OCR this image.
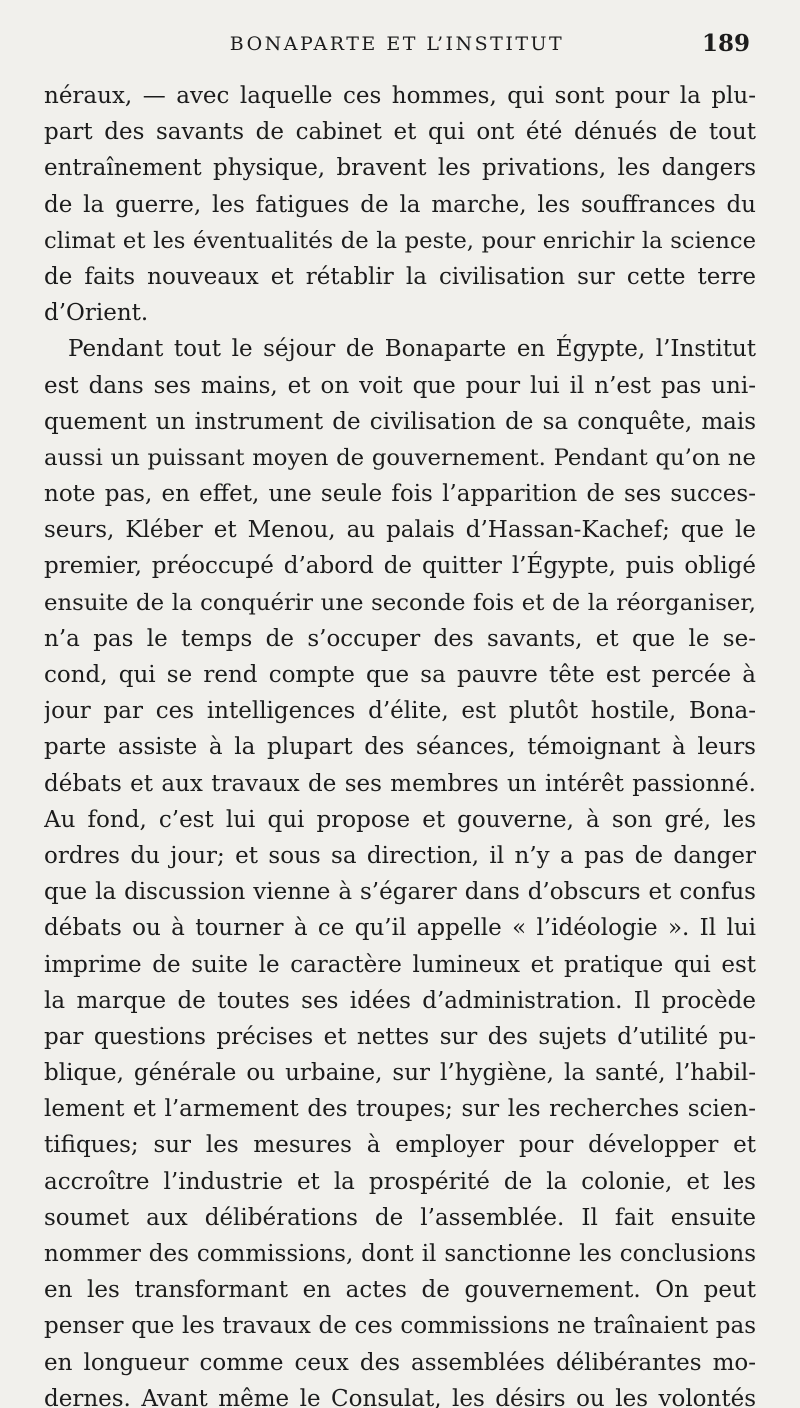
BONAPARTE ET L’INSTITUT	189
néraux, — avec laquelle ces hommes, qui sont pour la plu-
part des savants de cabinet et qui ont été dénués de tout
entraînement physique, bravent les privations, les dangers
de la guerre, les fatigues de la marche, les souffrances du
climat et les éventualités de la peste, pour enrichir la science
de faits nouveaux et rétablir la civilisation sur cette terre
d’Orient.
Pendant tout le séjour de Bonaparte en Égypte, l’Institut
est dans ses mains, et on voit que pour lui il n’est pas uni-
quement un instrument de civilisation de sa conquête, mais
aussi un puissant moyen de gouvernement. Pendant qu’on ne
note pas, en effet, une seule fois l’apparition de ses succes-
seurs, Kléber et Menou, au palais d’Hassan-Kachef; que le
premier, préoccupé d’abord de quitter l’Égypte, puis obligé
ensuite de la conquérir une seconde fois et de la réorganiser,
n’a pas le temps de s’occuper des savants, et que le se-
cond, qui se rend compte que sa pauvre tête est percée à
jour par ces intelligences d’élite, est plutôt hostile, Bona-
parte assiste à la plupart des séances, témoignant à leurs
débats et aux travaux de ses membres un intérêt passionné.
Au fond, c’est lui qui propose et gouverne, à son gré, les
ordres du jour; et sous sa direction, il n’y a pas de danger
que la discussion vienne à s’égarer dans d’obscurs et confus
débats ou à tourner à ce qu’il appelle « l’idéologie ». Il lui
imprime de suite le caractère lumineux et pratique qui est
la marque de toutes ses idées d’administration. Il procède
par questions précises et nettes sur des sujets d’utilité pu-
blique, générale ou urbaine, sur l’hygiène, la santé, l’habil-
lement et l’armement des troupes; sur les recherches scien-
tifiques; sur les mesures à employer pour développer et
accroître l’industrie et la prospérité de la colonie, et les
soumet aux délibérations de l’assemblée. Il fait ensuite
nommer des commissions, dont il sanctionne les conclusions
en les transformant en actes de gouvernement. On peut
penser que les travaux de ces commissions ne traînaient pas
en longueur comme ceux des assemblées délibérantes mo-
dernes. Avant même le Consulat, les désirs ou les volontés
